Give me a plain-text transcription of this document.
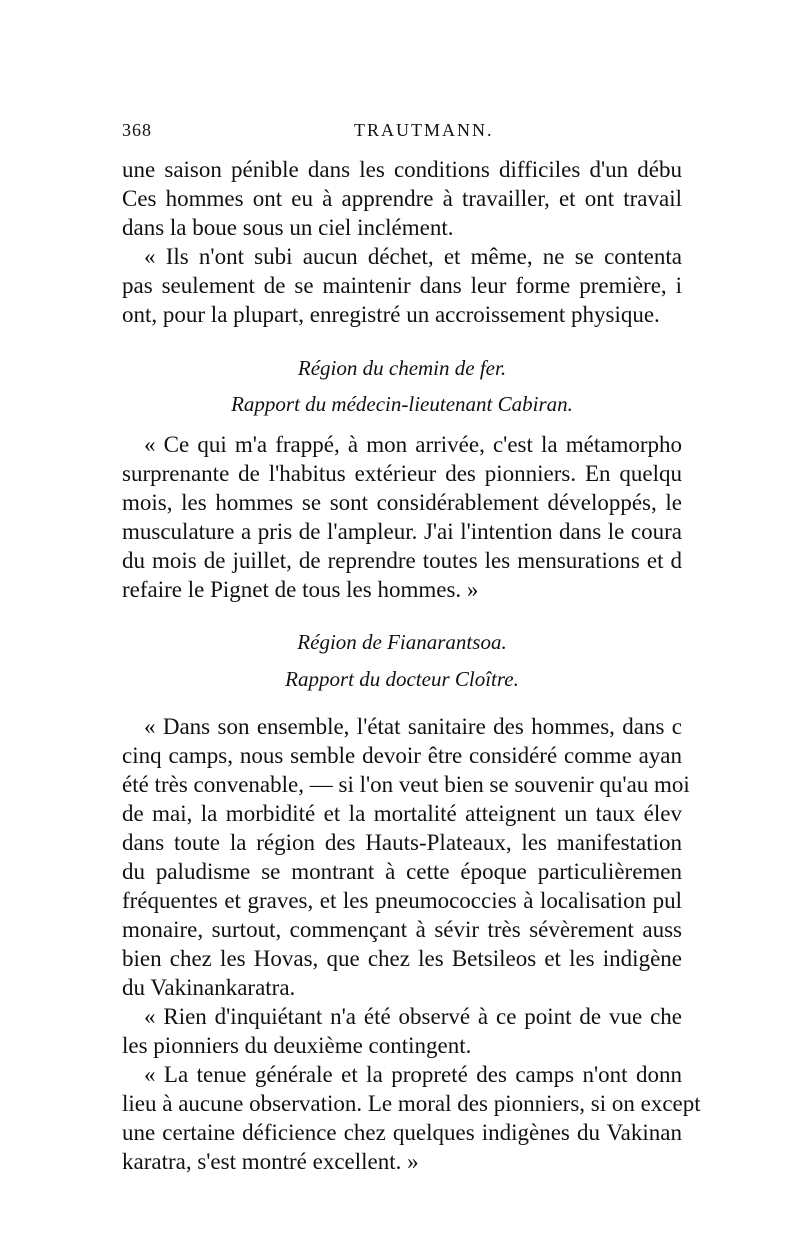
368	TRAUTMANN.
une saison pénible dans les conditions difficiles d'un débu
Ces hommes ont eu à apprendre à travailler, et ont travail
dans la boue sous un ciel inclément.
« Ils n'ont subi aucun déchet, et même, ne se contenta
pas seulement de se maintenir dans leur forme première, i
ont, pour la plupart, enregistré un accroissement physique.
Région du chemin de fer.
Rapport du médecin-lieutenant Cabiran.
« Ce qui m'a frappé, à mon arrivée, c'est la métamorpho
surprenante de l'habitus extérieur des pionniers. En quelqu
mois, les hommes se sont considérablement développés, le
musculature a pris de l'ampleur. J'ai l'intention dans le coura
du mois de juillet, de reprendre toutes les mensurations et d
refaire le Pignet de tous les hommes. »
Région de Fianarantsoa.
Rapport du docteur Cloître.
« Dans son ensemble, l'état sanitaire des hommes, dans c
cinq camps, nous semble devoir être considéré comme ayan
été très convenable, — si l'on veut bien se souvenir qu'au moi
de mai, la morbidité et la mortalité atteignent un taux élev
dans toute la région des Hauts-Plateaux, les manifestation
du paludisme se montrant à cette époque particulièremen
fréquentes et graves, et les pneumococcies à localisation pul
monaire, surtout, commençant à sévir très sévèrement auss
bien chez les Hovas, que chez les Betsileos et les indigène
du Vakinankaratra.
« Rien d'inquiétant n'a été observé à ce point de vue che
les pionniers du deuxième contingent.
« La tenue générale et la propreté des camps n'ont donn
lieu à aucune observation. Le moral des pionniers, si on except
une certaine déficience chez quelques indigènes du Vakinan
karatra, s'est montré excellent. »
